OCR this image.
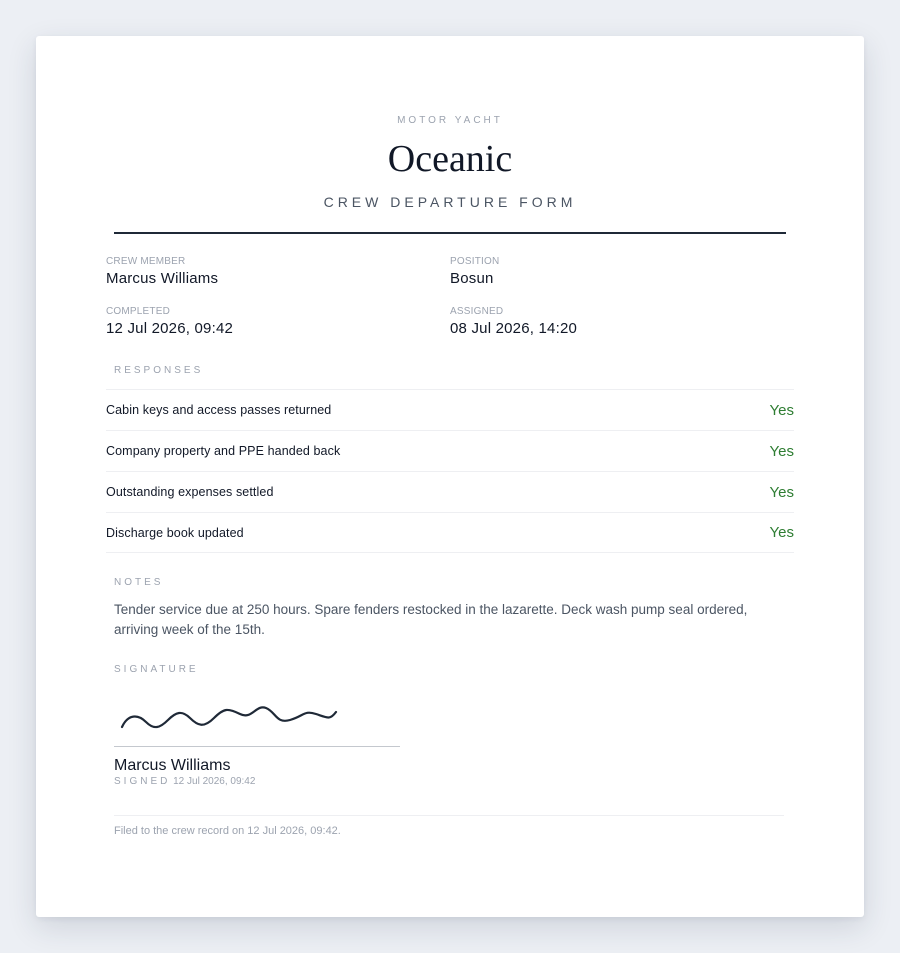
MOTOR YACHT
Oceanic
CREW DEPARTURE FORM
CREW MEMBER
Marcus Williams
POSITION
Bosun
COMPLETED
12 Jul 2026, 09:42
ASSIGNED
08 Jul 2026, 14:20
RESPONSES
Cabin keys and access passes returned	Yes
Company property and PPE handed back	Yes
Outstanding expenses settled	Yes
Discharge book updated	Yes
NOTES
Tender service due at 250 hours. Spare fenders restocked in the lazarette. Deck wash pump seal ordered, arriving week of the 15th.
SIGNATURE
Marcus Williams
SIGNED 12 Jul 2026, 09:42
Filed to the crew record on 12 Jul 2026, 09:42.
